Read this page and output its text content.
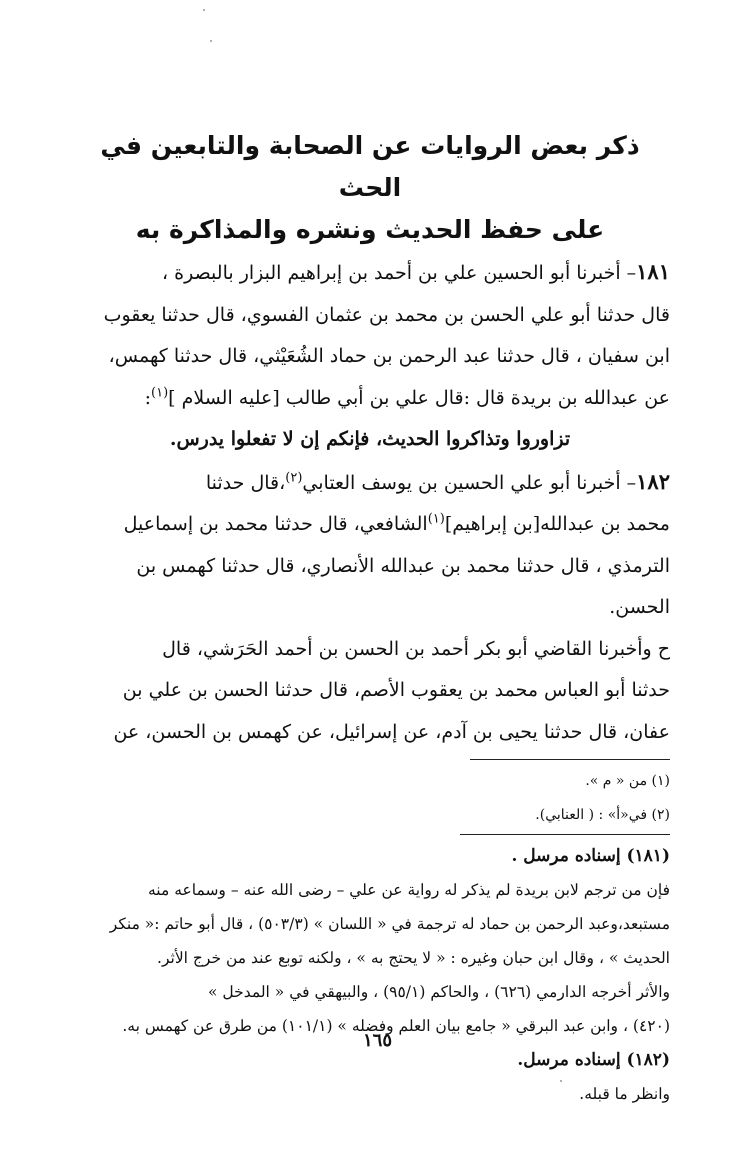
ذكر بعض الروايات عن الصحابة والتابعين في الحث
على حفظ الحديث ونشره والمذاكرة به

١٨١– أخبرنا أبو الحسين علي بن أحمد بن إبراهيم البزار بالبصرة ،

قال حدثنا أبو علي الحسن بن محمد بن عثمان الفسوي، قال حدثنا يعقوب

ابن سفيان ، قال حدثنا عبد الرحمن بن حماد الشُعَيْثي، قال حدثنا كهمس،

عن عبدالله بن بريدة قال :قال علي بن أبي طالب [عليه السلام ]$^{(١)}$:

تزاوروا وتذاكروا الحديث، فإنكم إن لا تفعلوا يدرس.

١٨٢– أخبرنا أبو علي الحسين بن يوسف العتابي$^{(٢)}$،قال حدثنا

محمد بن عبدالله[بن إبراهيم]$^{(١)}$الشافعي، قال حدثنا محمد بن إسماعيل

الترمذي ، قال حدثنا محمد بن عبدالله الأنصاري، قال حدثنا كهمس بن

الحسن.

ح وأخبرنا القاضي أبو بكر أحمد بن الحسن بن أحمد الحَرَشي، قال

حدثنا أبو العباس محمد بن يعقوب الأصم، قال حدثنا الحسن بن علي بن

عفان، قال حدثنا يحيى بن آدم، عن إسرائيل، عن كهمس بن الحسن، عن

(١) من « م ».

(٢) في«أ» : ( العنابي).

(١٨١) إسناده مرسل .

فإن من ترجم لابن بريدة لم يذكر له رواية عن علي – رضى الله عنه – وسماعه منه

مستبعد،وعبد الرحمن بن حماد له ترجمة في « اللسان » (٥٠٣/٣) ، قال أبو حاتم :« منكر

الحديث » ، وقال ابن حبان وغيره : « لا يحتج به » ، ولكنه توبع عند من خرج الأثر.

والأثر أخرجه الدارمي (٦٢٦) ، والحاكم (٩٥/١) ، والبيهقي في « المدخل »

(٤٢٠) ، وابن عبد البرقي « جامع بيان العلم وفضله » (١٠١/١) من طرق عن كهمس به.

(١٨٢) إسناده مرسل.

وانظر ما قبله.

١٦٥
